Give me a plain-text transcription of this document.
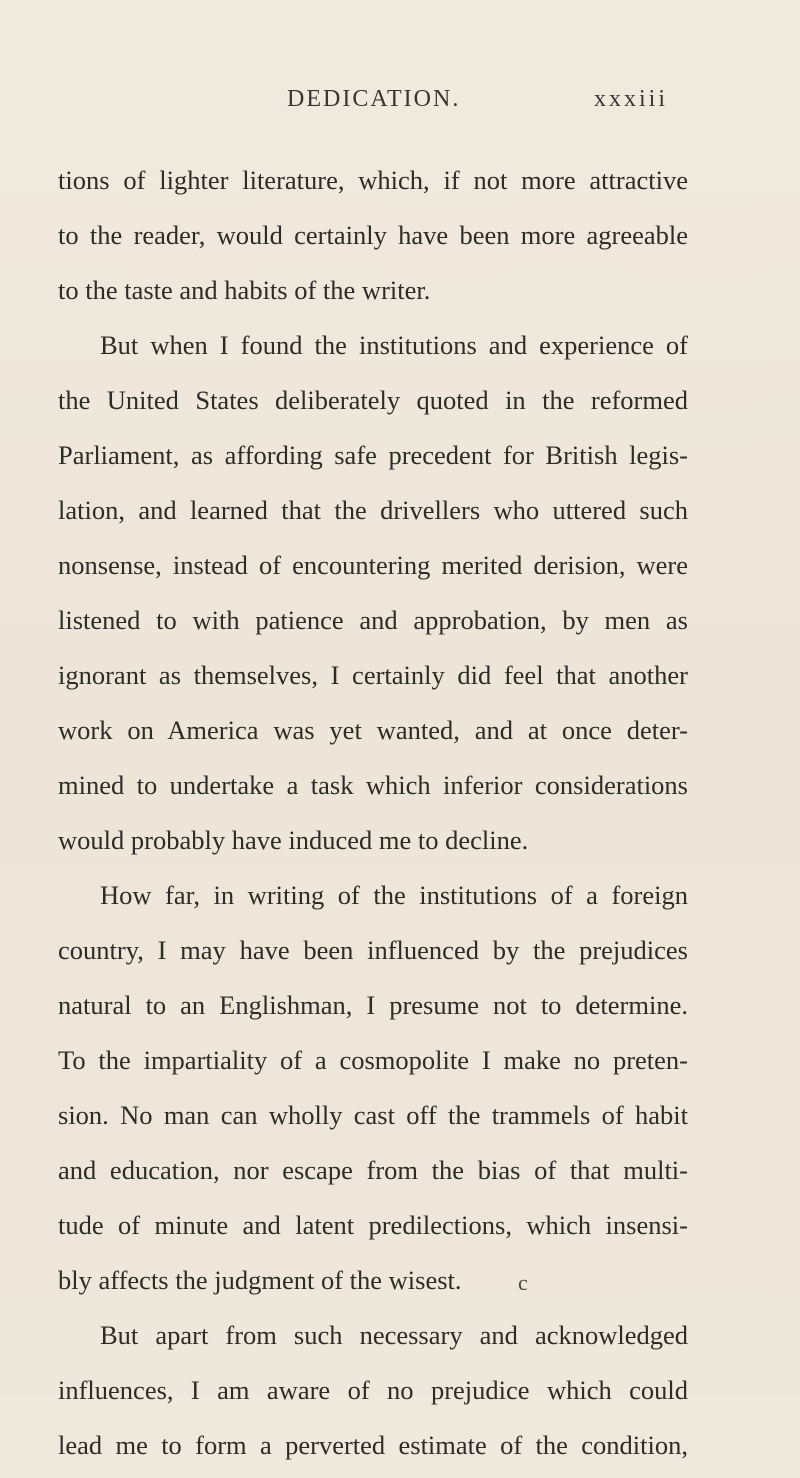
DEDICATION.	xxxiii
tions of lighter literature, which, if not more attractive
to the reader, would certainly have been more agreeable
to the taste and habits of the writer.
But when I found the institutions and experience of
the United States deliberately quoted in the reformed
Parliament, as affording safe precedent for British legis-
lation, and learned that the drivellers who uttered such
nonsense, instead of encountering merited derision, were
listened to with patience and approbation, by men as
ignorant as themselves, I certainly did feel that another
work on America was yet wanted, and at once deter-
mined to undertake a task which inferior considerations
would probably have induced me to decline.
How far, in writing of the institutions of a foreign
country, I may have been influenced by the prejudices
natural to an Englishman, I presume not to determine.
To the impartiality of a cosmopolite I make no preten-
sion. No man can wholly cast off the trammels of habit
and education, nor escape from the bias of that multi-
tude of minute and latent predilections, which insensi-
bly affects the judgment of the wisest.
But apart from such necessary and acknowledged
influences, I am aware of no prejudice which could
lead me to form a perverted estimate of the condition,
c
